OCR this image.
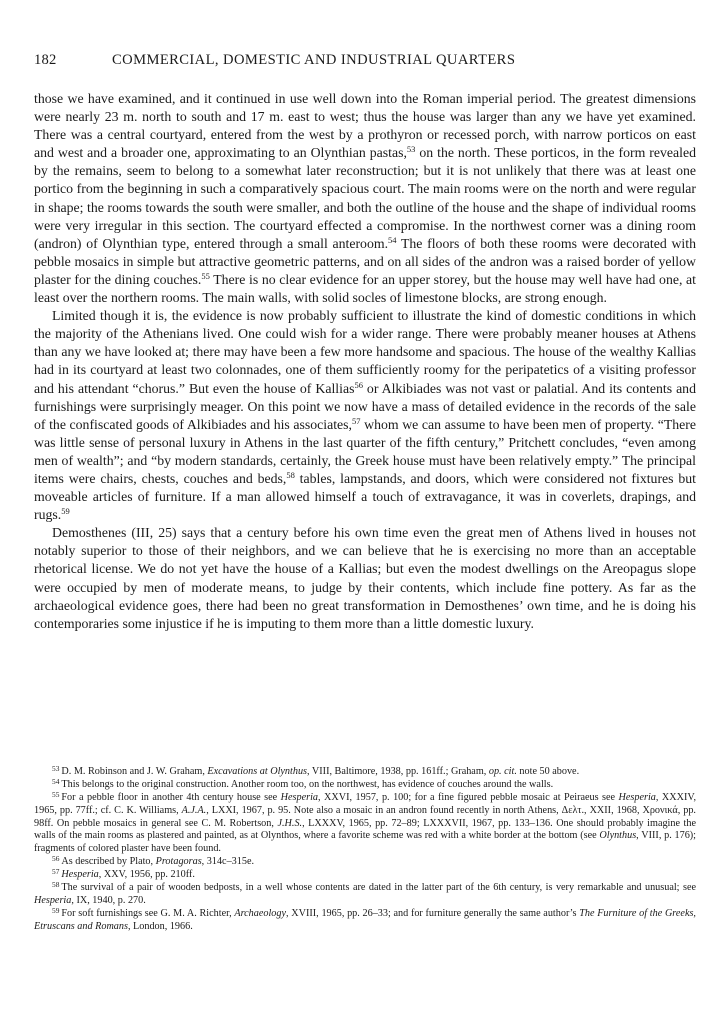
182	COMMERCIAL, DOMESTIC AND INDUSTRIAL QUARTERS

those we have examined, and it continued in use well down into the Roman imperial period. The greatest dimensions were nearly 23 m. north to south and 17 m. east to west; thus the house was larger than any we have yet examined. There was a central courtyard, entered from the west by a prothyron or recessed porch, with narrow porticos on east and west and a broader one, approximating to an Olynthian pastas,$^{53}$ on the north. These porticos, in the form revealed by the remains, seem to belong to a somewhat later reconstruction; but it is not unlikely that there was at least one portico from the beginning in such a comparatively spacious court. The main rooms were on the north and were regular in shape; the rooms towards the south were smaller, and both the outline of the house and the shape of individual rooms were very irregular in this section. The courtyard effected a compromise. In the northwest corner was a dining room (andron) of Olynthian type, entered through a small anteroom.$^{54}$ The floors of both these rooms were decorated with pebble mosaics in simple but attractive geometric patterns, and on all sides of the andron was a raised border of yellow plaster for the dining couches.$^{55}$ There is no clear evidence for an upper storey, but the house may well have had one, at least over the northern rooms. The main walls, with solid socles of limestone blocks, are strong enough.

Limited though it is, the evidence is now probably sufficient to illustrate the kind of domestic conditions in which the majority of the Athenians lived. One could wish for a wider range. There were probably meaner houses at Athens than any we have looked at; there may have been a few more handsome and spacious. The house of the wealthy Kallias had in its courtyard at least two colonnades, one of them sufficiently roomy for the peripatetics of a visiting professor and his attendant “chorus.” But even the house of Kallias$^{56}$ or Alkibiades was not vast or palatial. And its contents and furnishings were surprisingly meager. On this point we now have a mass of detailed evidence in the records of the sale of the confiscated goods of Alkibiades and his associates,$^{57}$ whom we can assume to have been men of property. “There was little sense of personal luxury in Athens in the last quarter of the fifth century,” Pritchett concludes, “even among men of wealth”; and “by modern standards, certainly, the Greek house must have been relatively empty.” The principal items were chairs, chests, couches and beds,$^{58}$ tables, lampstands, and doors, which were considered not fixtures but moveable articles of furniture. If a man allowed himself a touch of extravagance, it was in coverlets, drapings, and rugs.$^{59}$

Demosthenes (III, 25) says that a century before his own time even the great men of Athens lived in houses not notably superior to those of their neighbors, and we can believe that he is exercising no more than an acceptable rhetorical license. We do not yet have the house of a Kallias; but even the modest dwellings on the Areopagus slope were occupied by men of moderate means, to judge by their contents, which include fine pottery. As far as the archaeological evidence goes, there had been no great transformation in Demosthenes’ own time, and he is doing his contemporaries some injustice if he is imputing to them more than a little domestic luxury.

$^{53}$ D. M. Robinson and J. W. Graham, Excavations at Olynthus, VIII, Baltimore, 1938, pp. 161ff.; Graham, op. cit. note 50 above.

$^{54}$ This belongs to the original construction. Another room too, on the northwest, has evidence of couches around the walls.

$^{55}$ For a pebble floor in another 4th century house see Hesperia, XXVI, 1957, p. 100; for a fine figured pebble mosaic at Peiraeus see Hesperia, XXXIV, 1965, pp. 77ff.; cf. C. K. Williams, A.J.A., LXXI, 1967, p. 95. Note also a mosaic in an andron found recently in north Athens, Δελτ., XXII, 1968, Χρονικά, pp. 98ff. On pebble mosaics in general see C. M. Robertson, J.H.S., LXXXV, 1965, pp. 72–89; LXXXVII, 1967, pp. 133–136. One should probably imagine the walls of the main rooms as plastered and painted, as at Olynthos, where a favorite scheme was red with a white border at the bottom (see Olynthus, VIII, p. 176); fragments of colored plaster have been found.

$^{56}$ As described by Plato, Protagoras, 314c–315e.

$^{57}$ Hesperia, XXV, 1956, pp. 210ff.

$^{58}$ The survival of a pair of wooden bedposts, in a well whose contents are dated in the latter part of the 6th century, is very remarkable and unusual; see Hesperia, IX, 1940, p. 270.

$^{59}$ For soft furnishings see G. M. A. Richter, Archaeology, XVIII, 1965, pp. 26–33; and for furniture generally the same author’s The Furniture of the Greeks, Etruscans and Romans, London, 1966.
